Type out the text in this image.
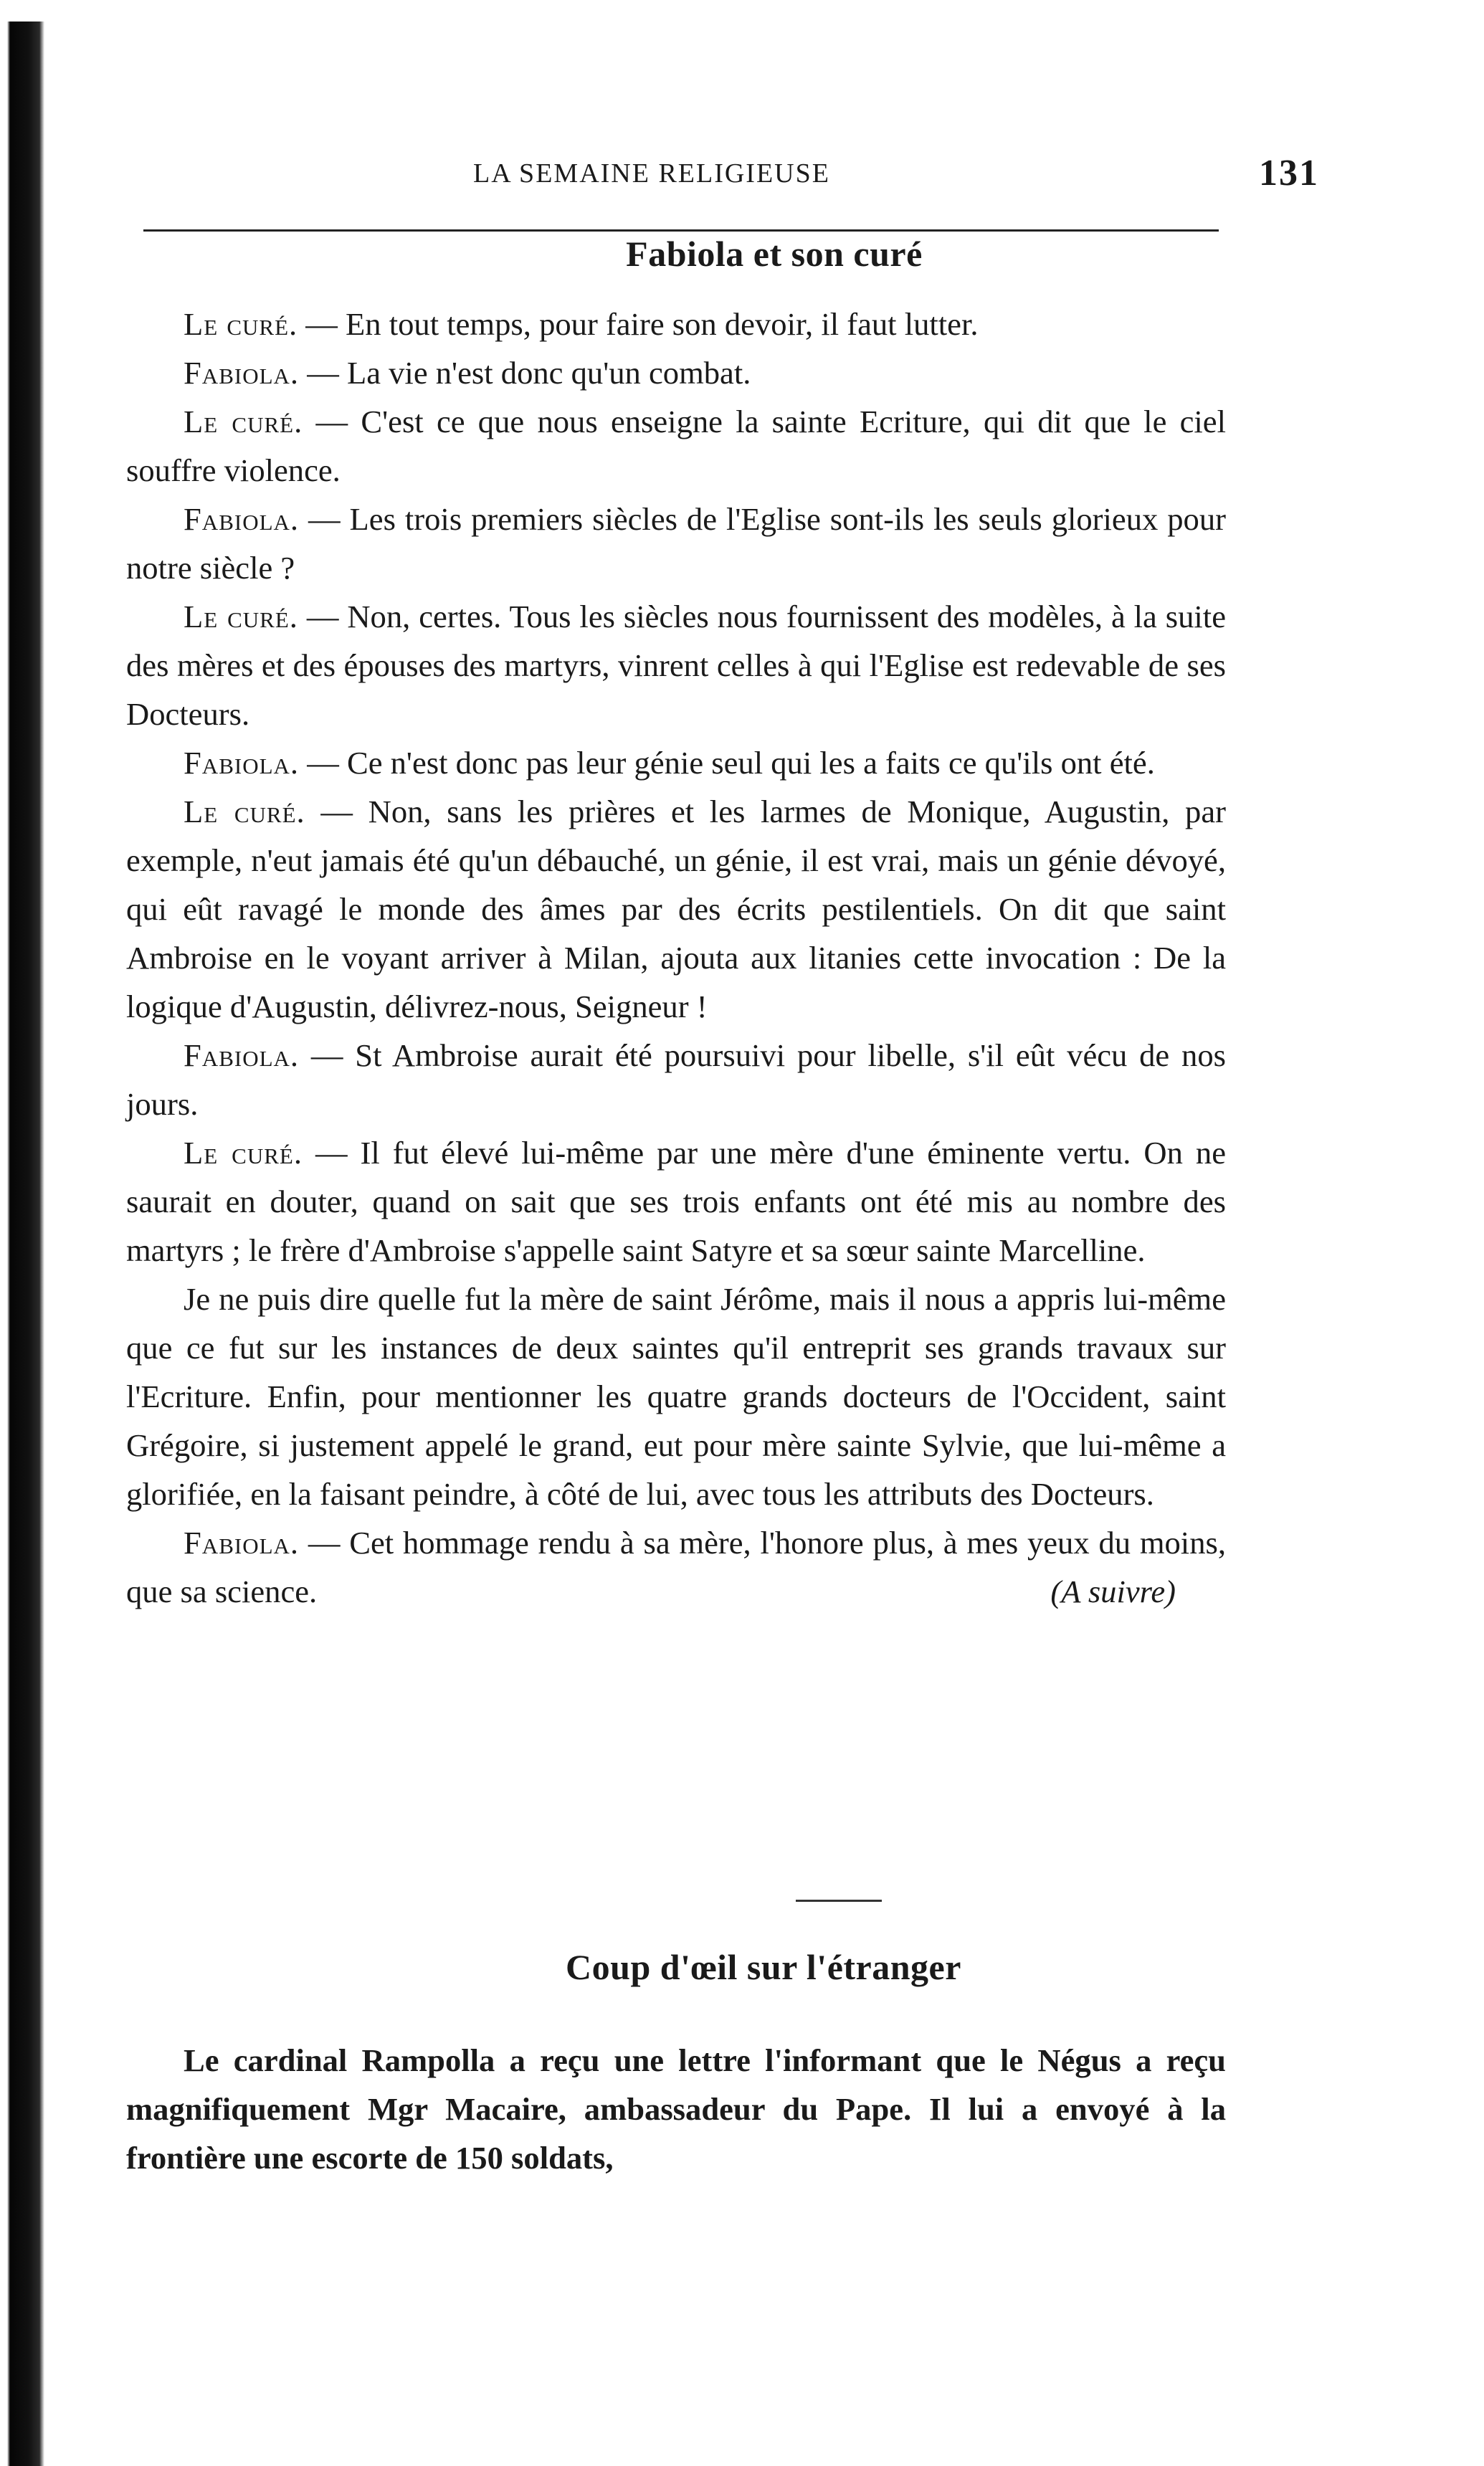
LA SEMAINE RELIGIEUSE	131
Fabiola et son curé

Le curé. — En tout temps, pour faire son devoir, il faut lutter.

Fabiola. — La vie n'est donc qu'un combat.

Le curé. — C'est ce que nous enseigne la sainte Ecriture, qui dit que le ciel souffre violence.

Fabiola. — Les trois premiers siècles de l'Eglise sont-ils les seuls glorieux pour notre siècle ?

Le curé. — Non, certes. Tous les siècles nous fournissent des modèles, à la suite des mères et des épouses des martyrs, vinrent celles à qui l'Eglise est redevable de ses Docteurs.

Fabiola. — Ce n'est donc pas leur génie seul qui les a faits ce qu'ils ont été.

Le curé. — Non, sans les prières et les larmes de Monique, Augustin, par exemple, n'eut jamais été qu'un débauché, un génie, il est vrai, mais un génie dévoyé, qui eût ravagé le monde des âmes par des écrits pestilentiels. On dit que saint Ambroise en le voyant arriver à Milan, ajouta aux litanies cette invocation : De la logique d'Augustin, délivrez-nous, Seigneur !

Fabiola. — St Ambroise aurait été poursuivi pour libelle, s'il eût vécu de nos jours.

Le curé. — Il fut élevé lui-même par une mère d'une éminente vertu. On ne saurait en douter, quand on sait que ses trois enfants ont été mis au nombre des martyrs ; le frère d'Ambroise s'appelle saint Satyre et sa sœur sainte Marcelline.

Je ne puis dire quelle fut la mère de saint Jérôme, mais il nous a appris lui-même que ce fut sur les instances de deux saintes qu'il entreprit ses grands travaux sur l'Ecriture. Enfin, pour mentionner les quatre grands docteurs de l'Occident, saint Grégoire, si justement appelé le grand, eut pour mère sainte Sylvie, que lui-même a glorifiée, en la faisant peindre, à côté de lui, avec tous les attributs des Docteurs.

Fabiola. — Cet hommage rendu à sa mère, l'honore plus, à mes yeux du moins, que sa science.	(A suivre)

Coup d'œil sur l'étranger

Le cardinal Rampolla a reçu une lettre l'informant que le Négus a reçu magnifiquement Mgr Macaire, ambassadeur du Pape. Il lui a envoyé à la frontière une escorte de 150 soldats,
